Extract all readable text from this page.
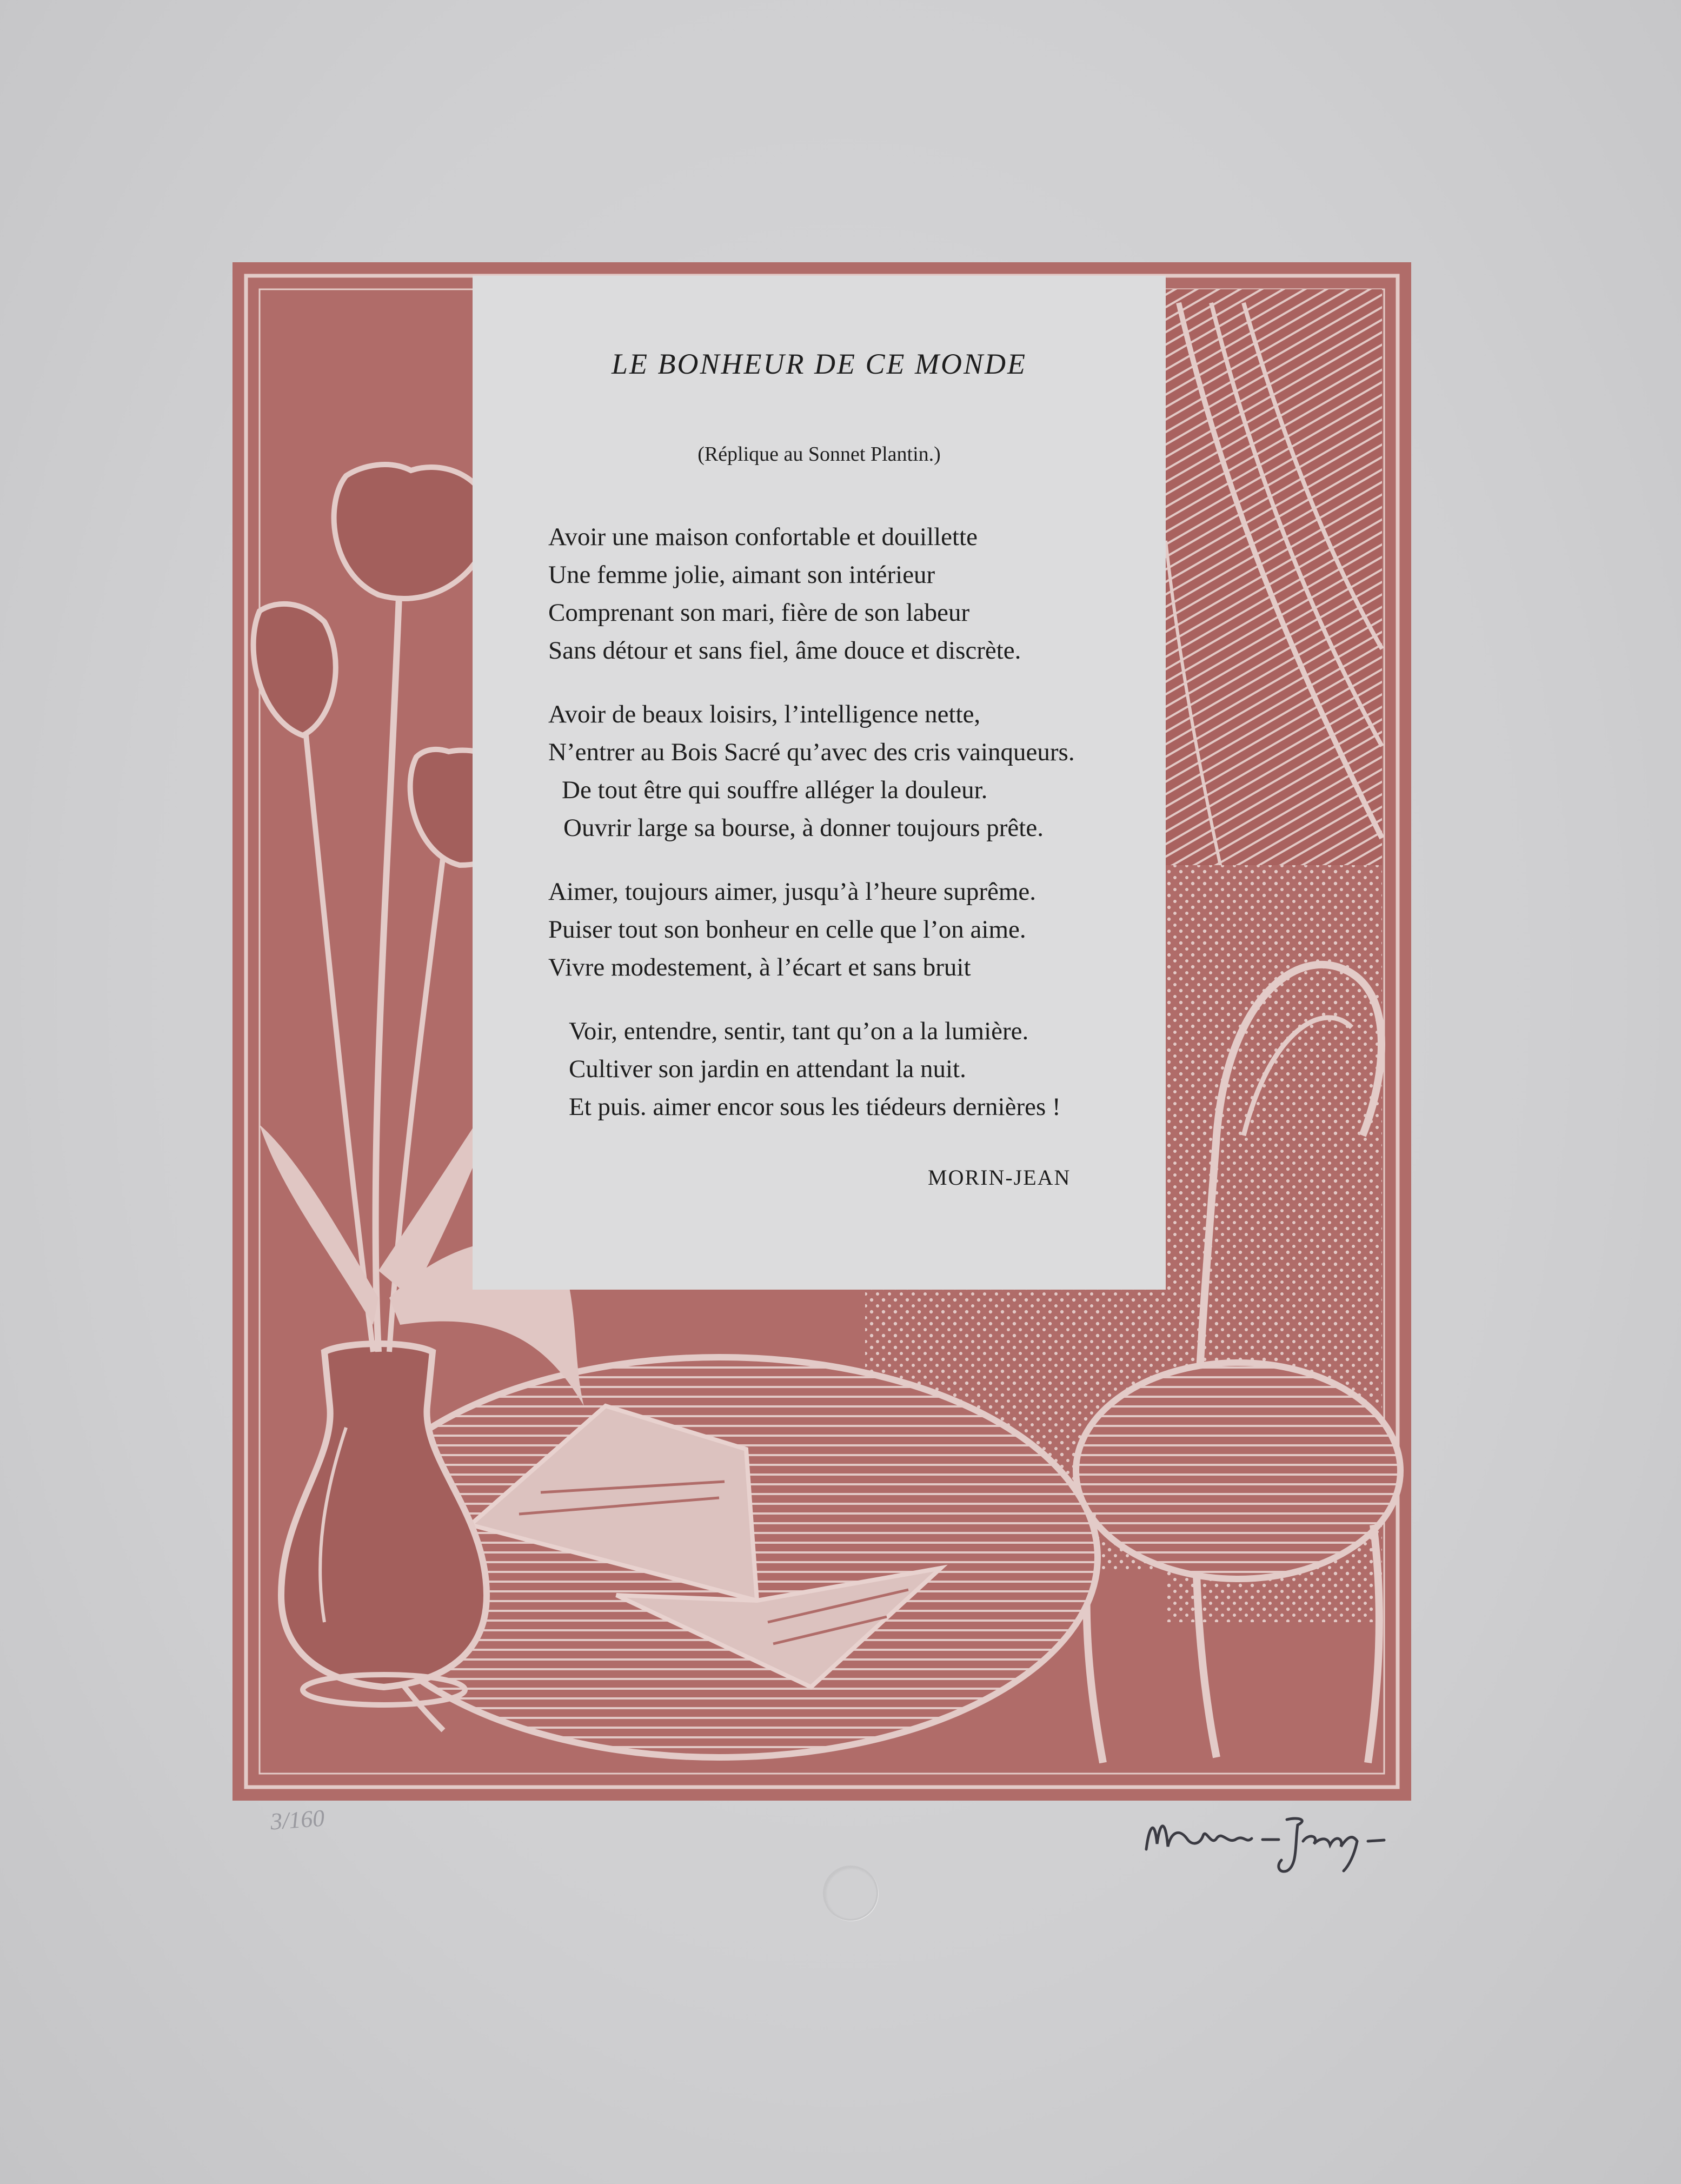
LE BONHEUR DE CE MONDE

(Réplique au Sonnet Plantin.)

Avoir une maison confortable et douillette

Une femme jolie, aimant son intérieur

Comprenant son mari, fière de son labeur

Sans détour et sans fiel, âme douce et discrète.

Avoir de beaux loisirs, l’intelligence nette,

N’entrer au Bois Sacré qu’avec des cris vainqueurs.

De tout être qui souffre alléger la douleur.

Ouvrir large sa bourse, à donner toujours prête.

Aimer, toujours aimer, jusqu’à l’heure suprême.

Puiser tout son bonheur en celle que l’on aime.

Vivre modestement, à l’écart et sans bruit

Voir, entendre, sentir, tant qu’on a la lumière.

Cultiver son jardin en attendant la nuit.

Et puis. aimer encor sous les tiédeurs dernières !

MORIN-JEAN

3/160
